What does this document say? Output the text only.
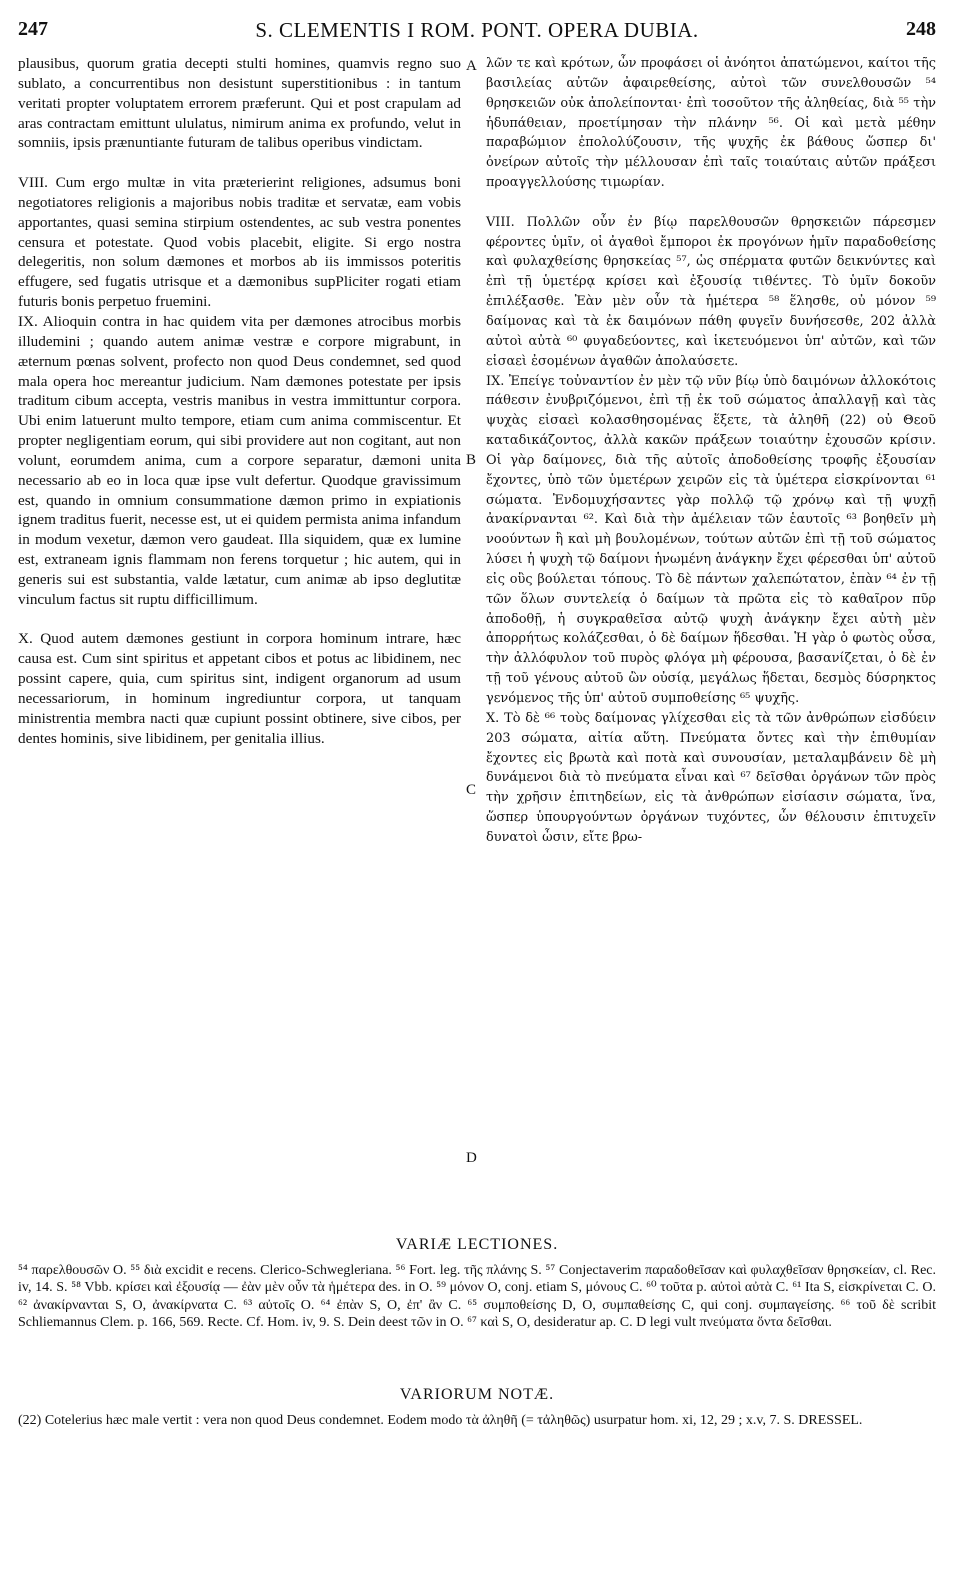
247	S. CLEMENTIS I ROM. PONT. OPERA DUBIA.	248

plausibus, quorum gratia decepti stulti homines, quamvis regno suo sublato, a concurrentibus non desistunt superstitionibus : in tantum veritati propter voluptatem errorem præferunt. Qui et post crapulam ad aras contractam emittunt ululatus, nimirum anima ex profundo, velut in somniis, ipsis prænuntiante futuram de talibus operibus vindictam.

VIII. Cum ergo multæ in vita præterierint religiones, adsumus boni negotiatores religionis a majoribus nobis traditæ et servatæ, eam vobis apportantes, quasi semina stirpium ostendentes, ac sub vestra ponentes censura et potestate. Quod vobis placebit, eligite. Si ergo nostra delegeritis, non solum dæmones et morbos ab iis immissos poteritis effugere, sed fugatis utrisque et a dæmonibus supPliciter rogati etiam futuris bonis perpetuo fruemini.

IX. Alioquin contra in hac quidem vita per dæmones atrocibus morbis illudemini ; quando autem animæ vestræ e corpore migrabunt, in æternum pœnas solvent, profecto non quod Deus condemnet, sed quod mala opera hoc mereantur judicium. Nam dæmones potestate per ipsis traditum cibum accepta, vestris manibus in vestra immittuntur corpora. Ubi enim latuerunt multo tempore, etiam cum anima commiscentur. Et propter negligentiam eorum, qui sibi providere aut non cogitant, aut non volunt, eorumdem anima, cum a corpore separatur, dæmoni unita necessario ab eo in loca quæ ipse vult defertur. Quodque gravissimum est, quando in omnium consummatione dæmon primo in expiationis ignem traditus fuerit, necesse est, ut ei quidem permista anima infandum in modum vexetur, dæmon vero gaudeat. Illa siquidem, quæ ex lumine est, extraneam ignis flammam non ferens torquetur ; hic autem, qui in generis sui est substantia, valde lætatur, cum animæ ab ipso deglutitæ vinculum factus sit ruptu difficillimum.

X. Quod autem dæmones gestiunt in corpora hominum intrare, hæc causa est. Cum sint spiritus et appetant cibos et potus ac libidinem, nec possint capere, quia, cum spiritus sint, indigent organorum ad usum necessariorum, in hominum ingrediuntur corpora, ut tanquam ministrentia membra nacti quæ cupiunt possint obtinere, sive cibos, per dentes hominis, sive libidinem, per genitalia illius.

A
B
C
D

λῶν τε καὶ κρότων, ὧν προφάσει οἱ ἀνόητοι ἀπατώμενοι, καίτοι τῆς βασιλείας αὐτῶν ἀφαιρεθείσης, αὐτοὶ τῶν συνελθουσῶν ⁵⁴ θρησκειῶν οὐκ ἀπολείπονται· ἐπὶ τοσοῦτον τῆς ἀληθείας, διὰ ⁵⁵ τὴν ἡδυπάθειαν, προετίμησαν τὴν πλάνην ⁵⁶. Οἱ καὶ μετὰ μέθην παραβώμιον ἐπολολύζουσιν, τῆς ψυχῆς ἐκ βάθους ὥσπερ δι' ὀνείρων αὐτοῖς τὴν μέλλουσαν ἐπὶ ταῖς τοιαύταις αὐτῶν πράξεσι προαγγελλούσης τιμωρίαν.

VIII. Πολλῶν οὖν ἐν βίῳ παρελθουσῶν θρησκειῶν πάρεσμεν φέροντες ὑμῖν, οἱ ἀγαθοὶ ἔμποροι ἐκ προγόνων ἡμῖν παραδοθείσης καὶ φυλαχθείσης θρησκείας ⁵⁷, ὡς σπέρματα φυτῶν δεικνύντες καὶ ἐπὶ τῇ ὑμετέρᾳ κρίσει καὶ ἐξουσίᾳ τιθέντες. Τὸ ὑμῖν δοκοῦν ἐπιλέξασθε. Ἐὰν μὲν οὖν τὰ ἡμέτερα ⁵⁸ ἕλησθε, οὐ μόνον ⁵⁹ δαίμονας καὶ τὰ ἐκ δαιμόνων πάθη φυγεῖν δυνήσεσθε, 202 ἀλλὰ αὐτοὶ αὐτὰ ⁶⁰ φυγαδεύοντες, καὶ ἱκετευόμενοι ὑπ' αὐτῶν, καὶ τῶν εἰσαεὶ ἐσομένων ἀγαθῶν ἀπολαύσετε.

IX. Ἐπείγε τοὐναντίον ἐν μὲν τῷ νῦν βίῳ ὑπὸ δαιμόνων ἀλλοκότοις πάθεσιν ἐνυβριζόμενοι, ἐπὶ τῇ ἐκ τοῦ σώματος ἀπαλλαγῇ καὶ τὰς ψυχὰς εἰσαεὶ κολασθησομένας ἕξετε, τὰ ἀληθῆ (22) οὐ Θεοῦ καταδικάζοντος, ἀλλὰ κακῶν πράξεων τοιαύτην ἐχουσῶν κρίσιν. Οἱ γὰρ δαίμονες, διὰ τῆς αὐτοῖς ἀποδοθείσης τροφῆς ἐξουσίαν ἔχοντες, ὑπὸ τῶν ὑμετέρων χειρῶν εἰς τὰ ὑμέτερα εἰσκρίνονται ⁶¹ σώματα. Ἐνδομυχήσαντες γὰρ πολλῷ τῷ χρόνῳ καὶ τῇ ψυχῇ ἀνακίρνανται ⁶². Καὶ διὰ τὴν ἀμέλειαν τῶν ἑαυτοῖς ⁶³ βοηθεῖν μὴ νοούντων ἢ καὶ μὴ βουλομένων, τούτων αὐτῶν ἐπὶ τῇ τοῦ σώματος λύσει ἡ ψυχὴ τῷ δαίμονι ἡνωμένη ἀνάγκην ἔχει φέρεσθαι ὑπ' αὐτοῦ εἰς οὓς βούλεται τόπους. Τὸ δὲ πάντων χαλεπώτατον, ἐπὰν ⁶⁴ ἐν τῇ τῶν ὅλων συντελείᾳ ὁ δαίμων τὰ πρῶτα εἰς τὸ καθαῖρον πῦρ ἀποδοθῇ, ἡ συγκραθεῖσα αὐτῷ ψυχὴ ἀνάγκην ἔχει αὐτὴ μὲν ἀπορρήτως κολάζεσθαι, ὁ δὲ δαίμων ἥδεσθαι. Ἡ γὰρ ὁ φωτὸς οὖσα, τὴν ἀλλόφυλον τοῦ πυρὸς φλόγα μὴ φέρουσα, βασανίζεται, ὁ δὲ ἐν τῇ τοῦ γένους αὐτοῦ ὢν οὐσίᾳ, μεγάλως ἥδεται, δεσμὸς δύσρηκτος γενόμενος τῆς ὑπ' αὐτοῦ συμποθείσης ⁶⁵ ψυχῆς.

X. Τὸ δὲ ⁶⁶ τοὺς δαίμονας γλίχεσθαι εἰς τὰ τῶν ἀνθρώπων εἰσδύειν 203 σώματα, αἰτία αὕτη. Πνεύματα ὄντες καὶ τὴν ἐπιθυμίαν ἔχοντες εἰς βρωτὰ καὶ ποτὰ καὶ συνουσίαν, μεταλαμβάνειν δὲ μὴ δυνάμενοι διὰ τὸ πνεύματα εἶναι καὶ ⁶⁷ δεῖσθαι ὀργάνων τῶν πρὸς τὴν χρῆσιν ἐπιτηδείων, εἰς τὰ ἀνθρώπων εἰσίασιν σώματα, ἵνα, ὥσπερ ὑπουργούντων ὀργάνων τυχόντες, ὧν θέλουσιν ἐπιτυχεῖν δυνατοὶ ὦσιν, εἴτε βρω-

VARIÆ LECTIONES.

⁵⁴ παρελθουσῶν O. ⁵⁵ διὰ excidit e recens. Clerico-Schwegleriana. ⁵⁶ Fort. leg. τῆς πλάνης S. ⁵⁷ Conjectaverim παραδοθεῖσαν καὶ φυλαχθεῖσαν θρησκείαν, cl. Rec. iv, 14. S. ⁵⁸ Vbb. κρίσει καὶ ἐξουσίᾳ — ἐὰν μὲν οὖν τὰ ἡμέτερα des. in O. ⁵⁹ μόνον O, conj. etiam S, μόνους C. ⁶⁰ τοῦτα p. αὐτοὶ αὐτὰ C. ⁶¹ Ita S, εἰσκρίνεται C. O. ⁶² ἀνακίρνανται S, O, ἀνακίρνατα C. ⁶³ αὐτοῖς O. ⁶⁴ ἐπὰν S, O, ἐπ' ἂν C. ⁶⁵ συμποθείσης D, O, συμπαθείσης C, qui conj. συμπαγείσης. ⁶⁶ τοῦ δὲ scribit Schliemannus Clem. p. 166, 569. Recte. Cf. Hom. iv, 9. S. Dein deest τῶν in O. ⁶⁷ καὶ S, O, desideratur ap. C. D legi vult πνεύματα ὄντα δεῖσθαι.

VARIORUM NOTÆ.

(22) Cotelerius hæc male vertit : vera non quod Deus condemnet. Eodem modo τὰ ἀληθῆ (= τἀληθῶς) usurpatur hom. xi, 12, 29 ; x.v, 7. S. DRESSEL.
